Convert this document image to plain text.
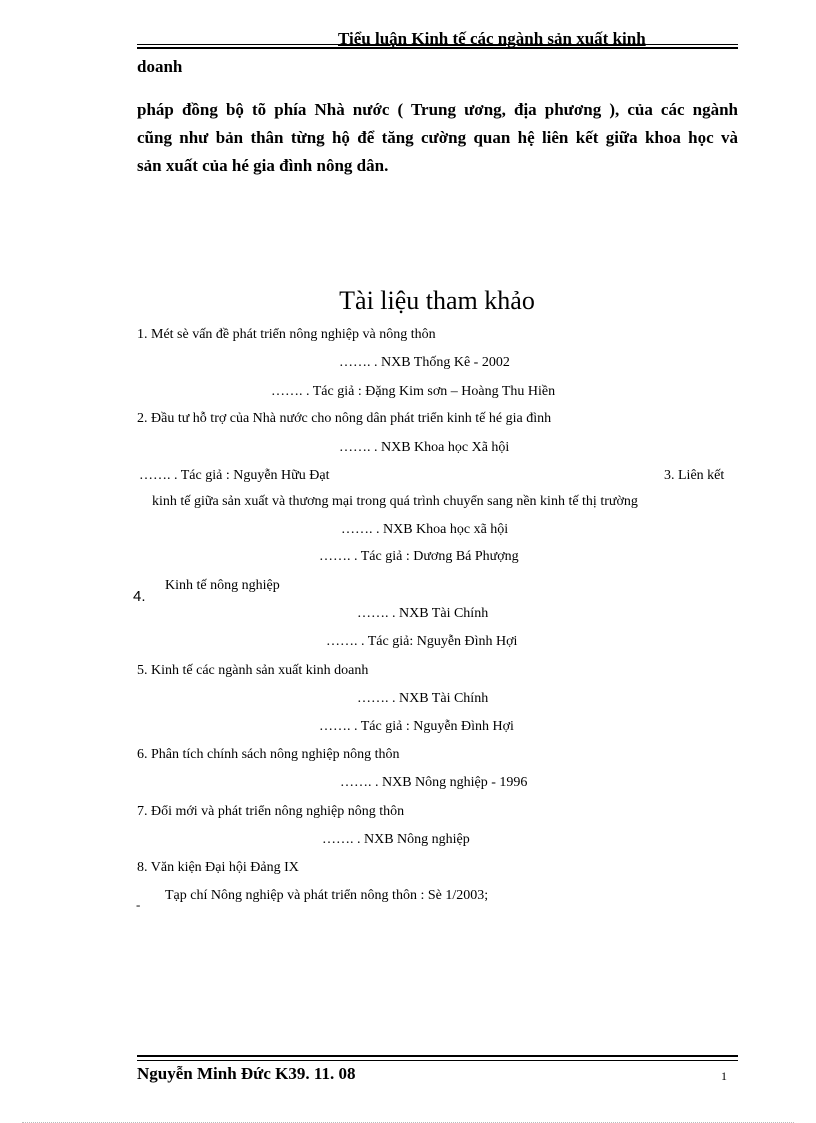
Tiểu luận Kinh tế các ngành sản xuất kinh
doanh
pháp đồng bộ tõ phía Nhà nước ( Trung ương, địa phương ), của các ngành
cũng như bản thân từng hộ để tăng cường quan hệ liên kết giữa khoa học và
sản xuất của hé gia đình nông dân.
Tài liệu tham khảo
1. Mét sè vấn đề phát triển nông nghiệp và nông thôn
……. . NXB Thống Kê - 2002
……. . Tác giả : Đặng Kim sơn – Hoàng Thu Hiền
2. Đầu tư hỗ trợ của Nhà nước cho nông dân phát triển kinh tế hé gia đình
……. . NXB Khoa học Xã hội
……. . Tác giả : Nguyễn Hữu Đạt	3. Liên kết
kinh tế giữa sản xuất và thương mại trong quá trình chuyển sang nền kinh tế thị trường
……. . NXB Khoa học xã hội
……. . Tác giả : Dương Bá Phượng
4.
Kinh tế nông nghiệp
……. . NXB Tài Chính
……. . Tác giả: Nguyễn Đình Hợi
5. Kinh tế các ngành sản xuất kinh doanh
……. . NXB Tài Chính
……. . Tác giả : Nguyễn Đình Hợi
6. Phân tích chính sách nông nghiệp nông thôn
……. . NXB Nông nghiệp - 1996
7. Đổi mới và phát triển nông nghiệp nông thôn
……. . NXB Nông nghiệp
8. Văn kiện Đại hội Đảng IX
-
Tạp chí Nông nghiệp và phát triển nông thôn : Sè 1/2003;
Nguyễn Minh Đức K39. 11. 08	1
